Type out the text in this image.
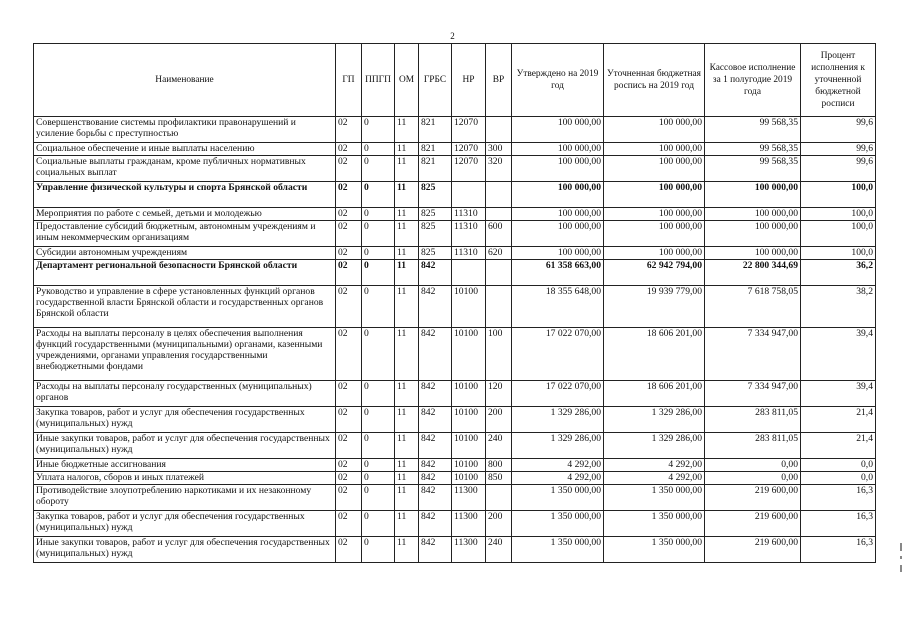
2
Наименование	ГП	ППГП	ОМ	ГРБС	НР	ВР	Утверждено на 2019 год	Уточненная бюджетная роспись на 2019 год	Кассовое исполнение за 1 полугодие 2019 года	Процент исполнения к уточненной бюджетной росписи
Совершенствование системы профилактики правонарушений и усиление борьбы с преступностью	02	0	11	821	12070		100 000,00	100 000,00	99 568,35	99,6
Социальное обеспечение и иные выплаты населению	02	0	11	821	12070	300	100 000,00	100 000,00	99 568,35	99,6
Социальные выплаты гражданам, кроме публичных нормативных социальных выплат	02	0	11	821	12070	320	100 000,00	100 000,00	99 568,35	99,6
Управление физической культуры и спорта Брянской области	02	0	11	825			100 000,00	100 000,00	100 000,00	100,0
Мероприятия по работе с семьей, детьми и молодежью	02	0	11	825	11310		100 000,00	100 000,00	100 000,00	100,0
Предоставление субсидий бюджетным, автономным учреждениям и иным некоммерческим организациям	02	0	11	825	11310	600	100 000,00	100 000,00	100 000,00	100,0
Субсидии автономным учреждениям	02	0	11	825	11310	620	100 000,00	100 000,00	100 000,00	100,0
Департамент региональной безопасности Брянской области	02	0	11	842			61 358 663,00	62 942 794,00	22 800 344,69	36,2
Руководство и управление в сфере установленных функций органов государственной власти Брянской области и государственных органов Брянской области	02	0	11	842	10100		18 355 648,00	19 939 779,00	7 618 758,05	38,2
Расходы на выплаты персоналу в целях обеспечения выполнения функций государственными (муниципальными) органами, казенными учреждениями, органами управления государственными внебюджетными фондами	02	0	11	842	10100	100	17 022 070,00	18 606 201,00	7 334 947,00	39,4
Расходы на выплаты персоналу государственных (муниципальных) органов	02	0	11	842	10100	120	17 022 070,00	18 606 201,00	7 334 947,00	39,4
Закупка товаров, работ и услуг для обеспечения государственных (муниципальных) нужд	02	0	11	842	10100	200	1 329 286,00	1 329 286,00	283 811,05	21,4
Иные закупки товаров, работ и услуг для обеспечения государственных (муниципальных) нужд	02	0	11	842	10100	240	1 329 286,00	1 329 286,00	283 811,05	21,4
Иные бюджетные ассигнования	02	0	11	842	10100	800	4 292,00	4 292,00	0,00	0,0
Уплата налогов, сборов и иных платежей	02	0	11	842	10100	850	4 292,00	4 292,00	0,00	0,0
Противодействие злоупотреблению наркотиками и их незаконному обороту	02	0	11	842	11300		1 350 000,00	1 350 000,00	219 600,00	16,3
Закупка товаров, работ и услуг для обеспечения государственных (муниципальных) нужд	02	0	11	842	11300	200	1 350 000,00	1 350 000,00	219 600,00	16,3
Иные закупки товаров, работ и услуг для обеспечения государственных (муниципальных) нужд	02	0	11	842	11300	240	1 350 000,00	1 350 000,00	219 600,00	16,3
